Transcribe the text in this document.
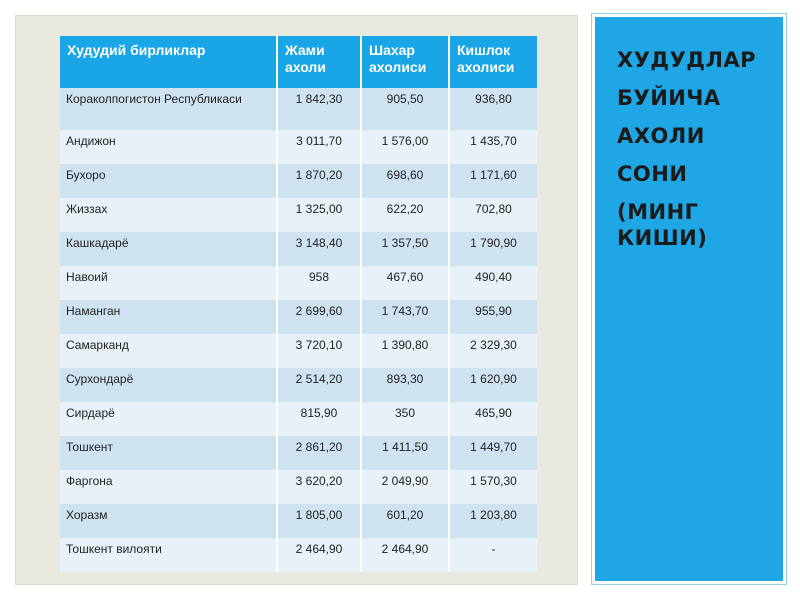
Худудий бирликлар	Жами ахоли	Шахар ахолиси	Кишлок ахолиси
Кораколпогистон Республикаси	1 842,30	905,50	936,80
Андижон	3 011,70	1 576,00	1 435,70
Бухоро	1 870,20	698,60	1 171,60
Жиззах	1 325,00	622,20	702,80
Кашкадарё	3 148,40	1 357,50	1 790,90
Навоий	958	467,60	490,40
Наманган	2 699,60	1 743,70	955,90
Самарканд	3 720,10	1 390,80	2 329,30
Сурхондарё	2 514,20	893,30	1 620,90
Сирдарё	815,90	350	465,90
Тошкент	2 861,20	1 411,50	1 449,70
Фаргона	3 620,20	2 049,90	1 570,30
Хоразм	1 805,00	601,20	1 203,80
Тошкент вилояти	2 464,90	2 464,90	-
ХУДУДЛАР
БУЙИЧА
АХОЛИ
СОНИ
(МИНГ КИШИ)
